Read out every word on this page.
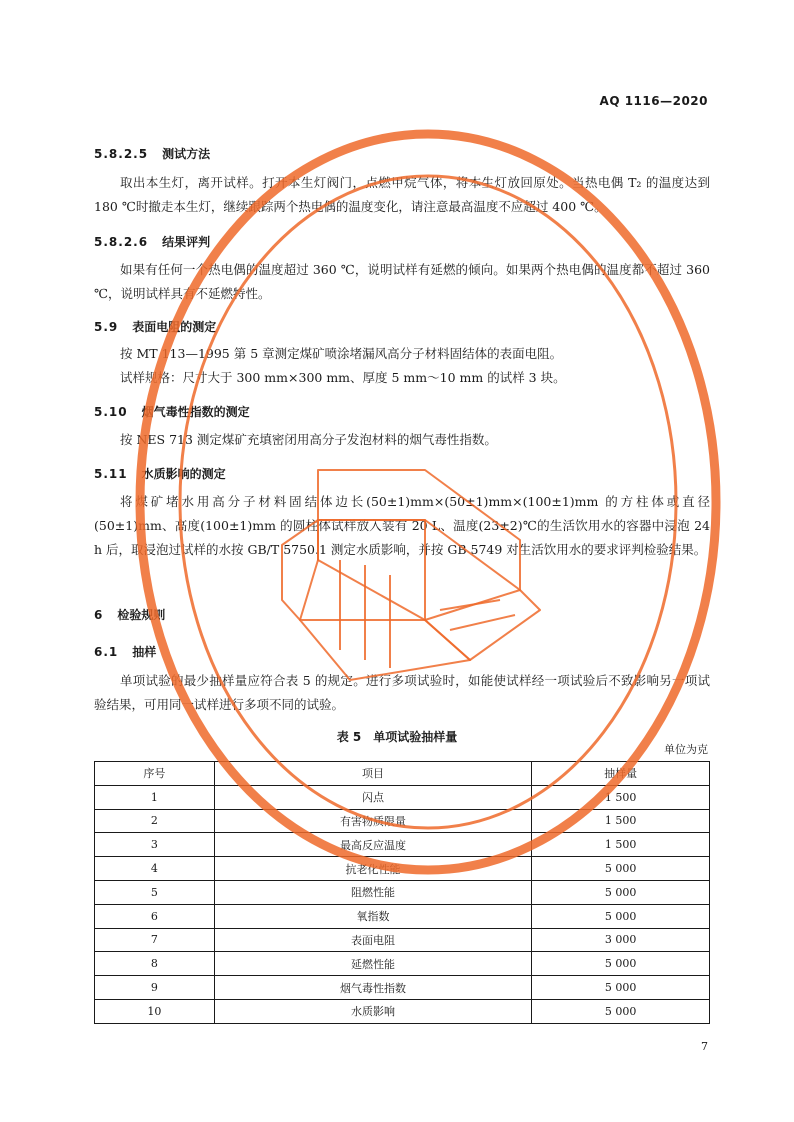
AQ 1116—2020
5.8.2.5 测试方法
取出本生灯，离开试样。打开本生灯阀门，点燃甲烷气体，将本生灯放回原处。当热电偶 T₂ 的温度达到 180 ℃时撤走本生灯，继续跟踪两个热电偶的温度变化，请注意最高温度不应超过 400 ℃。
5.8.2.6 结果评判
如果有任何一个热电偶的温度超过 360 ℃，说明试样有延燃的倾向。如果两个热电偶的温度都不超过 360 ℃，说明试样具有不延燃特性。
5.9 表面电阻的测定
按 MT 113—1995 第 5 章测定煤矿喷涂堵漏风高分子材料固结体的表面电阻。
试样规格：尺寸大于 300 mm×300 mm、厚度 5 mm～10 mm 的试样 3 块。
5.10 烟气毒性指数的测定
按 NES 713 测定煤矿充填密闭用高分子发泡材料的烟气毒性指数。
5.11 水质影响的测定
将煤矿堵水用高分子材料固结体边长(50±1)mm×(50±1)mm×(100±1)mm 的方柱体或直径(50±1)mm、高度(100±1)mm 的圆柱体试样放入装有 20 L、温度(23±2)℃的生活饮用水的容器中浸泡 24 h 后，取浸泡过试样的水按 GB/T 5750.1 测定水质影响，并按 GB 5749 对生活饮用水的要求评判检验结果。
6 检验规则
6.1 抽样
单项试验的最少抽样量应符合表 5 的规定。进行多项试验时，如能使试样经一项试验后不致影响另一项试验结果，可用同一试样进行多项不同的试验。
表 5　单项试验抽样量
单位为克
序号	项目	抽样量
1	闪点	1 500
2	有害物质限量	1 500
3	最高反应温度	1 500
4	抗老化性能	5 000
5	阻燃性能	5 000
6	氧指数	5 000
7	表面电阻	3 000
8	延燃性能	5 000
9	烟气毒性指数	5 000
10	水质影响	5 000
7
